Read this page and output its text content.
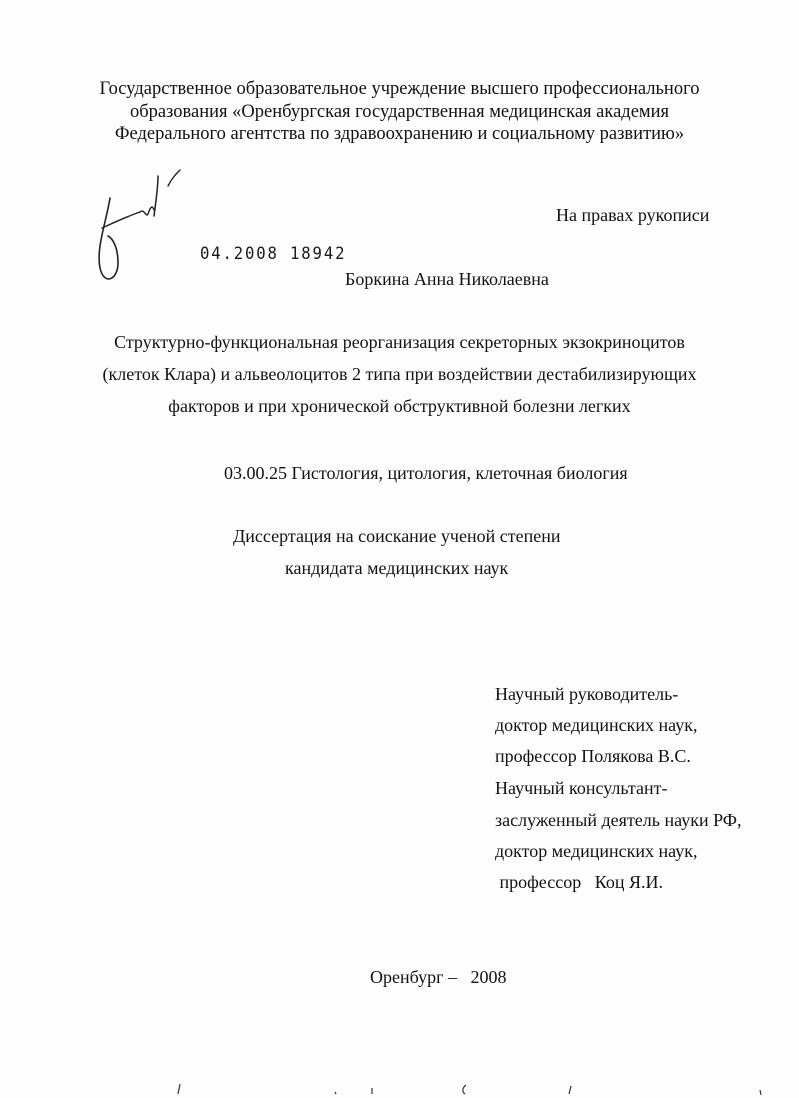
Государственное образовательное учреждение высшего профессионального
образования «Оренбургская государственная медицинская академия
Федерального агентства по здравоохранению и социальному развитию»
На правах рукописи
04.2008 18942
Боркина Анна Николаевна
Структурно-функциональная реорганизация секреторных экзокриноцитов
(клеток Клара) и альвеолоцитов 2 типа при воздействии дестабилизирующих
факторов и при хронической обструктивной болезни легких
03.00.25 Гистология, цитология, клеточная биология
Диссертация на соискание ученой степени
кандидата медицинских наук
Научный руководитель-
доктор медицинских наук,
профессор Полякова В.С.
Научный консультант-
заслуженный деятель науки РФ,
доктор медицинских наук,
профессор   Коц Я.И.
Оренбург –   2008
